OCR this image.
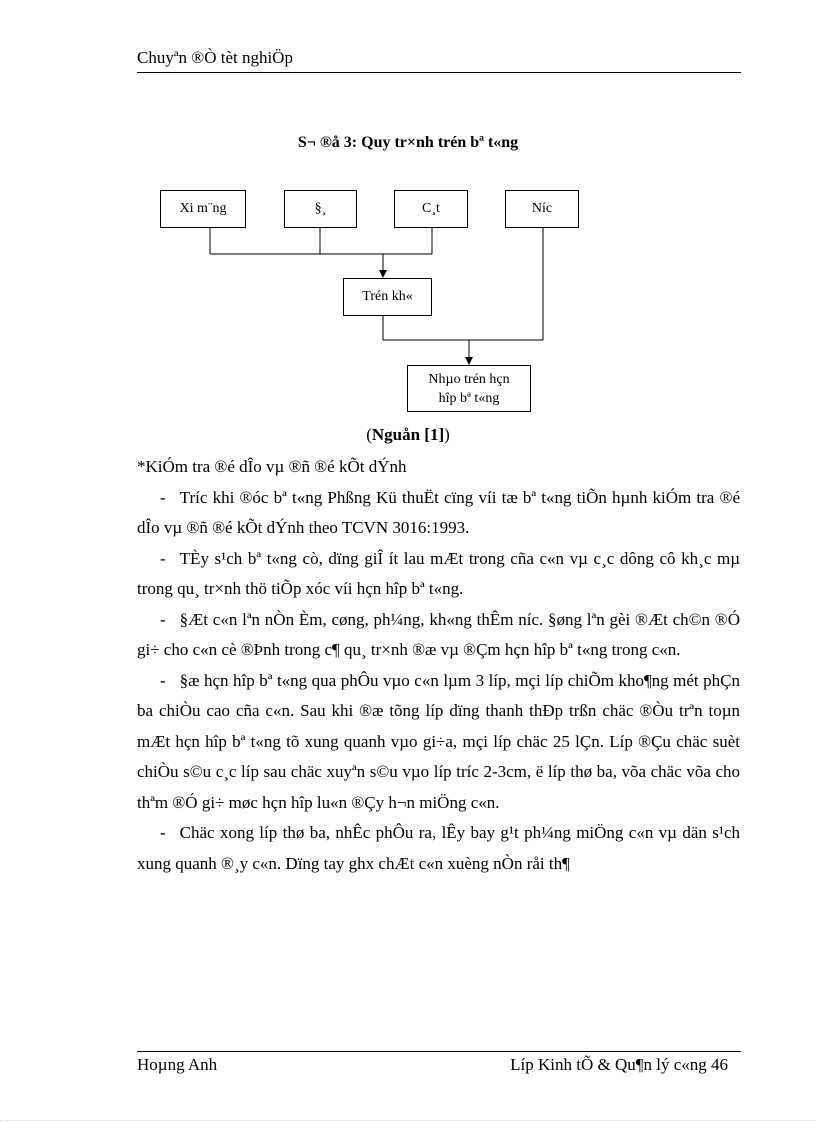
Chuyªn ®Ò tèt nghiÖp
S¬ ®å 3: Quy tr×nh trén bª t«ng
Xi m¨ng	§¸	C¸t	Níc
Trén kh«
Nhµo trén hçn
hîp bª t«ng
(Nguån [1])

*KiÓm tra ®é dÎo vµ ®ñ ®é kÕt dÝnh

- Tríc khi ®óc bª t«ng Phßng Kü thuËt cïng víi tæ bª t«ng tiÕn hµnh kiÓm tra ®é dÎo vµ ®ñ ®é kÕt dÝnh theo TCVN 3016:1993.

- TÈy s¹ch bª t«ng cò, dïng giÎ ít lau mÆt trong cña c«n vµ c¸c dông cô kh¸c mµ trong qu¸ tr×nh thö tiÕp xóc víi hçn hîp bª t«ng.

- §Æt c«n lªn nÒn Èm, cøng, ph¼ng, kh«ng thÊm níc. §øng lªn gèi ®Æt ch©n ®Ó gi÷ cho c«n cè ®Þnh trong c¶ qu¸ tr×nh ®æ vµ ®Çm hçn hîp bª t«ng trong c«n.

- §æ hçn hîp bª t«ng qua phÔu vµo c«n lµm 3 líp, mçi líp chiÕm kho¶ng mét phÇn ba chiÒu cao cña c«n. Sau khi ®æ tõng líp dïng thanh thÐp trßn chäc ®Òu trªn toµn mÆt hçn hîp bª t«ng tõ xung quanh vµo gi÷a, mçi líp chäc 25 lÇn. Líp ®Çu chäc suèt chiÒu s©u c¸c líp sau chäc xuyªn s©u vµo líp tríc 2-3cm, ë líp thø ba, võa chäc võa cho thªm ®Ó gi÷ møc hçn hîp lu«n ®Çy h¬n miÖng c«n.

- Chäc xong líp thø ba, nhÊc phÔu ra, lÊy bay g¹t ph¼ng miÖng c«n vµ dän s¹ch xung quanh ®¸y c«n. Dïng tay ghx chÆt c«n xuèng nÒn råi th¶

Hoµng Anh	Líp Kinh tÕ & Qu¶n lý c«ng 46
